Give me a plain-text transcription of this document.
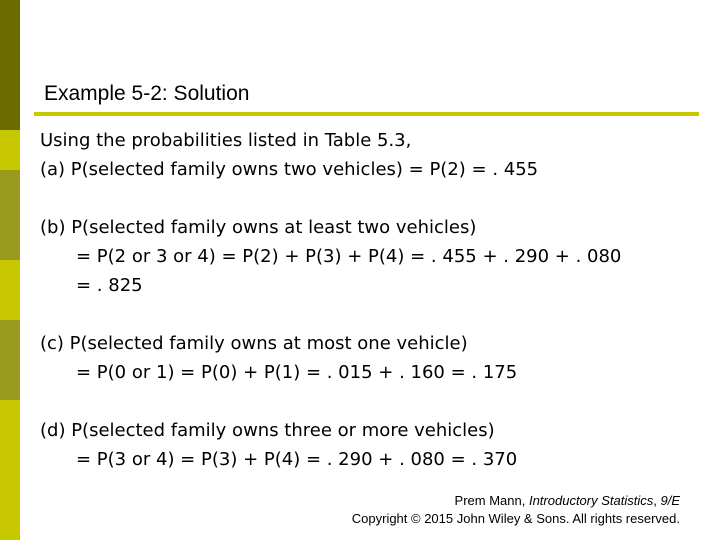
Example 5-2: Solution
Using the probabilities listed in Table 5.3,
(a) P(selected family owns two vehicles) = P(2) = . 455
(b) P(selected family owns at least two vehicles)
= P(2 or 3 or 4) = P(2) + P(3) + P(4) = . 455 + . 290 + . 080
= . 825
(c) P(selected family owns at most one vehicle)
= P(0 or 1) = P(0) + P(1) = . 015 + . 160 = . 175
(d) P(selected family owns three or more vehicles)
= P(3 or 4) = P(3) + P(4) = . 290 + . 080 = . 370
Prem Mann, Introductory Statistics, 9/E
Copyright © 2015 John Wiley & Sons. All rights reserved.
